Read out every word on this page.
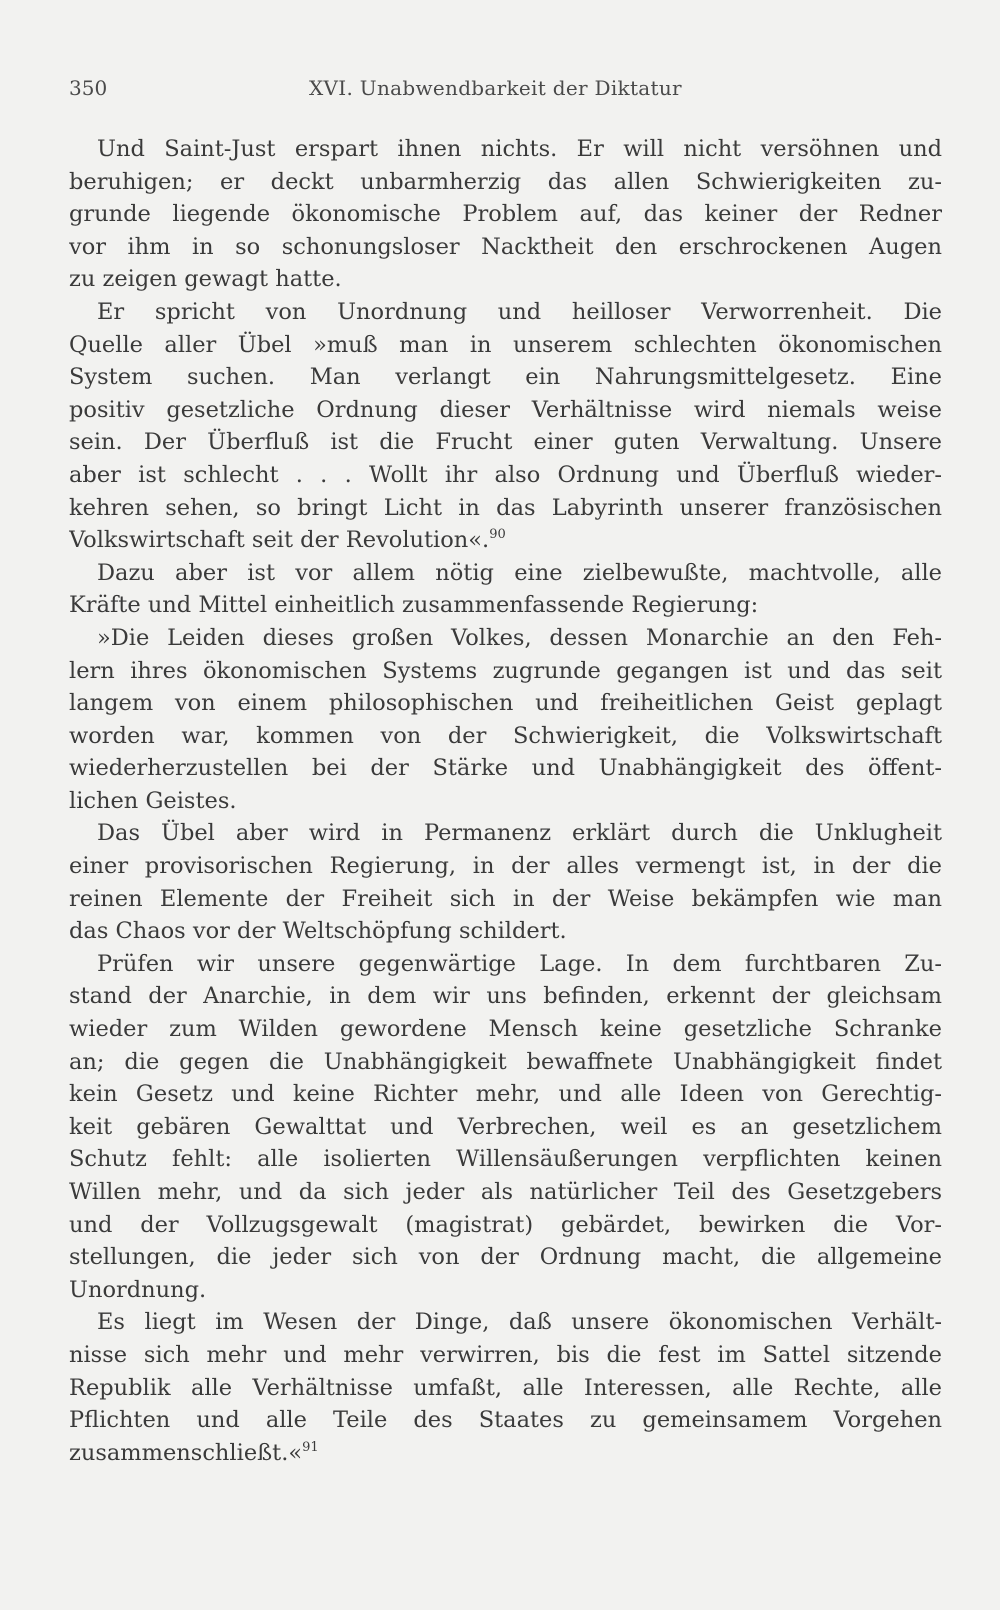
350	XVI. Unabwendbarkeit der Diktatur
Und Saint-Just erspart ihnen nichts. Er will nicht versöhnen und
beruhigen; er deckt unbarmherzig das allen Schwierigkeiten zu-
grunde liegende ökonomische Problem auf, das keiner der Redner
vor ihm in so schonungsloser Nacktheit den erschrockenen Augen
zu zeigen gewagt hatte.
Er spricht von Unordnung und heilloser Verworrenheit. Die
Quelle aller Übel »muß man in unserem schlechten ökonomischen
System suchen. Man verlangt ein Nahrungsmittelgesetz. Eine
positiv gesetzliche Ordnung dieser Verhältnisse wird niemals weise
sein. Der Überfluß ist die Frucht einer guten Verwaltung. Unsere
aber ist schlecht . . . Wollt ihr also Ordnung und Überfluß wieder-
kehren sehen, so bringt Licht in das Labyrinth unserer französischen
Volkswirtschaft seit der Revolution«.$^{90}$
Dazu aber ist vor allem nötig eine zielbewußte, machtvolle, alle
Kräfte und Mittel einheitlich zusammenfassende Regierung:
»Die Leiden dieses großen Volkes, dessen Monarchie an den Feh-
lern ihres ökonomischen Systems zugrunde gegangen ist und das seit
langem von einem philosophischen und freiheitlichen Geist geplagt
worden war, kommen von der Schwierigkeit, die Volkswirtschaft
wiederherzustellen bei der Stärke und Unabhängigkeit des öffent-
lichen Geistes.
Das Übel aber wird in Permanenz erklärt durch die Unklugheit
einer provisorischen Regierung, in der alles vermengt ist, in der die
reinen Elemente der Freiheit sich in der Weise bekämpfen wie man
das Chaos vor der Weltschöpfung schildert.
Prüfen wir unsere gegenwärtige Lage. In dem furchtbaren Zu-
stand der Anarchie, in dem wir uns befinden, erkennt der gleichsam
wieder zum Wilden gewordene Mensch keine gesetzliche Schranke
an; die gegen die Unabhängigkeit bewaffnete Unabhängigkeit findet
kein Gesetz und keine Richter mehr, und alle Ideen von Gerechtig-
keit gebären Gewalttat und Verbrechen, weil es an gesetzlichem
Schutz fehlt: alle isolierten Willensäußerungen verpflichten keinen
Willen mehr, und da sich jeder als natürlicher Teil des Gesetzgebers
und der Vollzugsgewalt (magistrat) gebärdet, bewirken die Vor-
stellungen, die jeder sich von der Ordnung macht, die allgemeine
Unordnung.
Es liegt im Wesen der Dinge, daß unsere ökonomischen Verhält-
nisse sich mehr und mehr verwirren, bis die fest im Sattel sitzende
Republik alle Verhältnisse umfaßt, alle Interessen, alle Rechte, alle
Pflichten und alle Teile des Staates zu gemeinsamem Vorgehen
zusammenschließt.«$^{91}$
